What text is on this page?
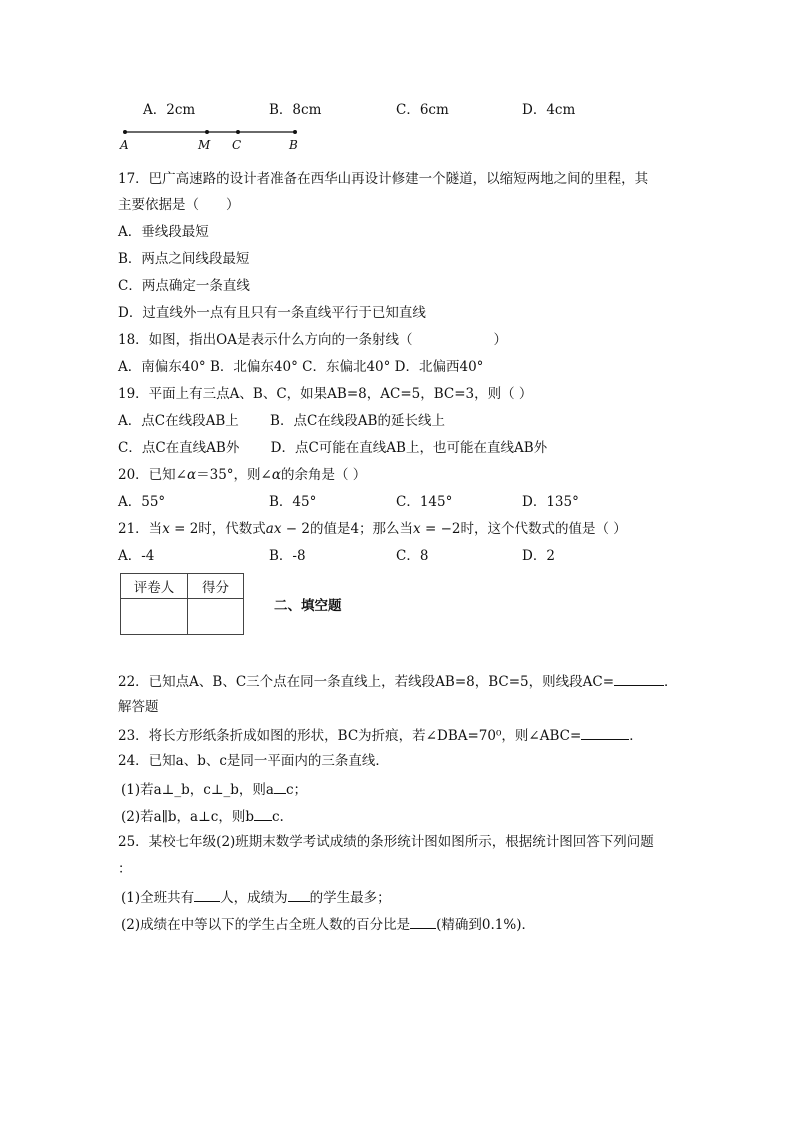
A．2cm	B．8cm	C．6cm	D．4cm
A	M C	B
17．巴广高速路的设计者准备在西华山再设计修建一个隧道，以缩短两地之间的里程，其
主要依据是（　　）
A．垂线段最短
B．两点之间线段最短
C．两点确定一条直线
D．过直线外一点有且只有一条直线平行于已知直线
18．如图，指出OA是表示什么方向的一条射线（　　　　　　）
A．南偏东40° B．北偏东40° C．东偏北40° D．北偏西40°
19．平面上有三点A、B、C，如果AB=8，AC=5，BC=3，则（ ）
A．点C在线段AB上　　 B．点C在线段AB的延长线上
C．点C在直线AB外　　 D．点C可能在直线AB上，也可能在直线AB外
20．已知∠α＝35°，则∠α的余角是（ ）
A．55°	B．45°	C．145°	D．135°
21．当x = 2时，代数式ax − 2的值是4；那么当x = −2时，这个代数式的值是（ ）
A．-4	B．-8	C．8	D．2
评卷人	得分

二、填空题
22．已知点A、B、C三个点在同一条直线上，若线段AB=8，BC=5，则线段AC=	．
解答题
23．将长方形纸条折成如图的形状，BC为折痕，若∠DBA=70⁰，则∠ABC=	．
24．已知a、b、c是同一平面内的三条直线．
(1)若a⊥_b，c⊥_b，则a c；
(2)若a∥b，a⊥c，则b c.
25．某校七年级(2)班期末数学考试成绩的条形统计图如图所示，根据统计图回答下列问题
：
(1)全班共有 人，成绩为 的学生最多；
(2)成绩在中等以下的学生占全班人数的百分比是 (精确到0.1%)．
